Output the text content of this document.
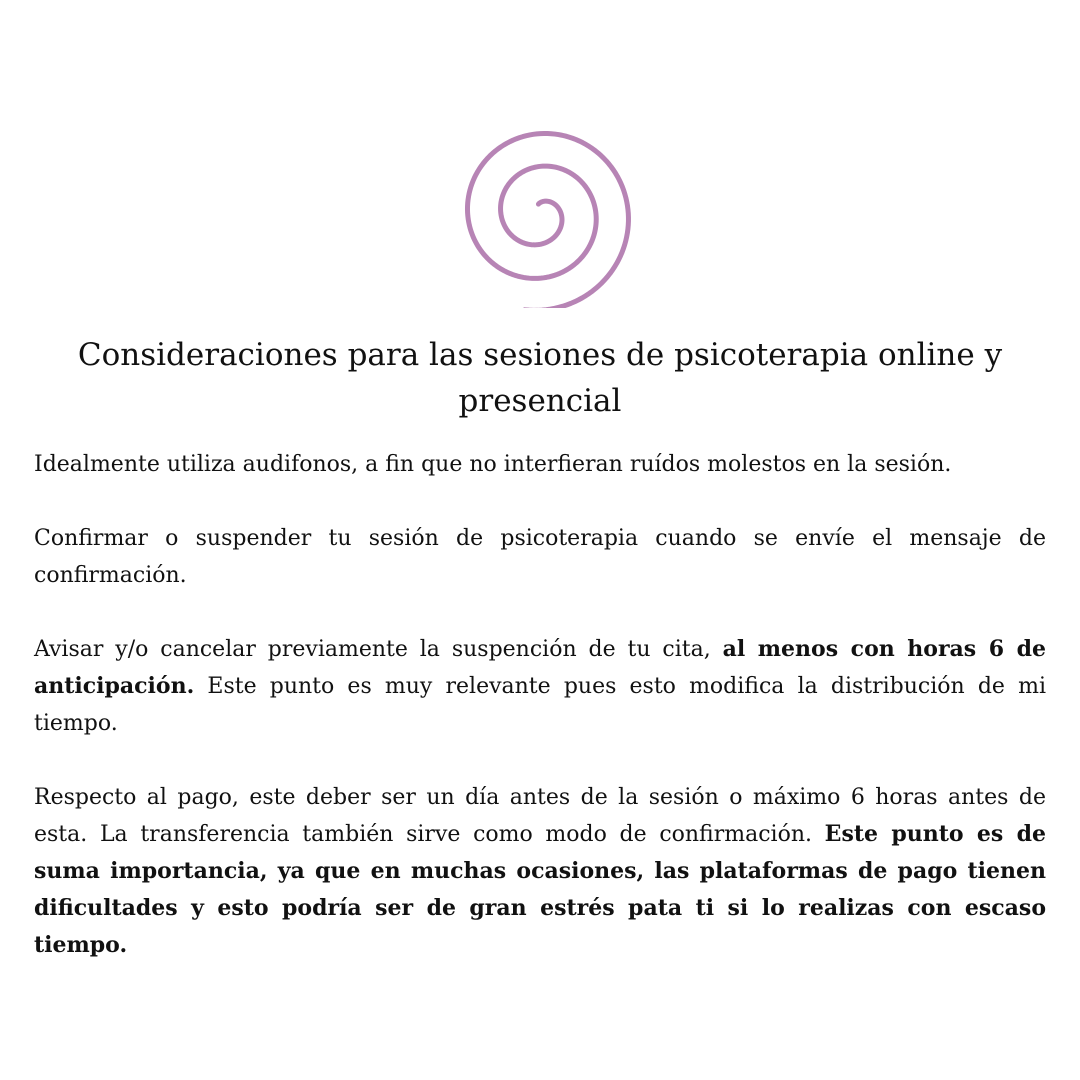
Consideraciones para las sesiones de psicoterapia online y presencial

Idealmente utiliza audifonos, a fin que no interfieran ruídos molestos en la sesión.

Confirmar o suspender tu sesión de psicoterapia cuando se envíe el mensaje de confirmación.

Avisar y/o cancelar previamente la suspención de tu cita, al menos con horas 6 de anticipación. Este punto es muy relevante pues esto modifica la distribución de mi tiempo.

Respecto al pago, este deber ser un día antes de la sesión o máximo 6 horas antes de esta. La transferencia también sirve como modo de confirmación. Este punto es de suma importancia, ya que en muchas ocasiones, las plataformas de pago tienen dificultades y esto podría ser de gran estrés pata ti si lo realizas con escaso tiempo.
